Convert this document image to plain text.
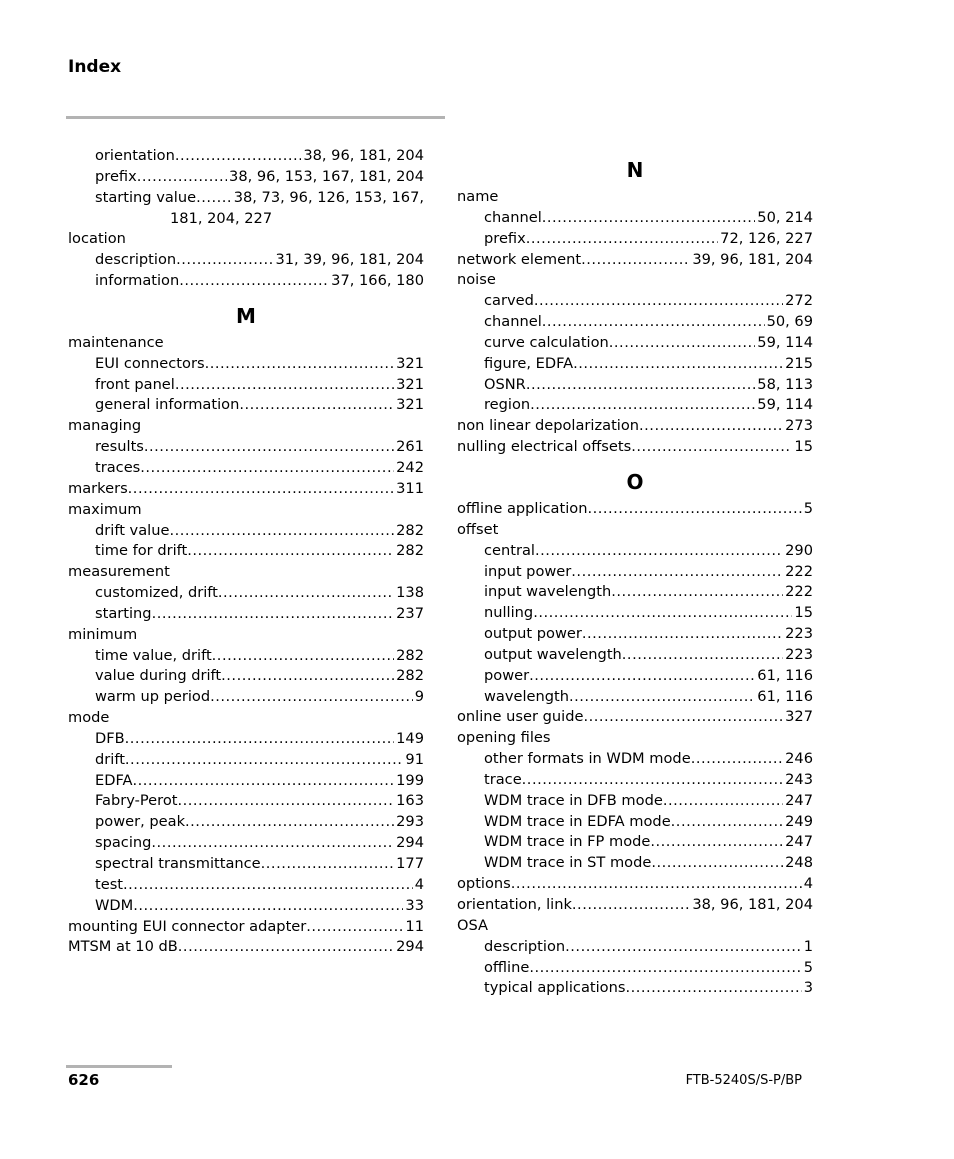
Index
orientation .....	38, 96, 181, 204
prefix .....	38, 96, 153, 167, 181, 204
starting value .....	38, 73, 96, 126, 153, 167,
181, 204, 227
location
description .....	31, 39, 96, 181, 204
information .....	37, 166, 180
M
maintenance
EUI connectors .....	321
front panel .....	321
general information .....	321
managing
results .....	261
traces .....	242
markers .....	311
maximum
drift value .....	282
time for drift .....	282
measurement
customized, drift .....	138
starting .....	237
minimum
time value, drift .....	282
value during drift .....	282
warm up period .....	9
mode
DFB .....	149
drift .....	91
EDFA .....	199
Fabry-Perot .....	163
power, peak .....	293
spacing .....	294
spectral transmittance .....	177
test .....	4
WDM .....	33
mounting EUI connector adapter .....	11
MTSM at 10 dB .....	294
N
name
channel .....	50, 214
prefix .....	72, 126, 227
network element .....	39, 96, 181, 204
noise
carved .....	272
channel .....	50, 69
curve calculation .....	59, 114
figure, EDFA .....	215
OSNR .....	58, 113
region .....	59, 114
non linear depolarization .....	273
nulling electrical offsets .....	15
O
offline application .....	5
offset
central .....	290
input power .....	222
input wavelength .....	222
nulling .....	15
output power .....	223
output wavelength .....	223
power .....	61, 116
wavelength .....	61, 116
online user guide .....	327
opening files
other formats in WDM mode .....	246
trace .....	243
WDM trace in DFB mode .....	247
WDM trace in EDFA mode .....	249
WDM trace in FP mode .....	247
WDM trace in ST mode .....	248
options .....	4
orientation, link .....	38, 96, 181, 204
OSA
description .....	1
offline .....	5
typical applications .....	3
626	FTB-5240S/S-P/BP
